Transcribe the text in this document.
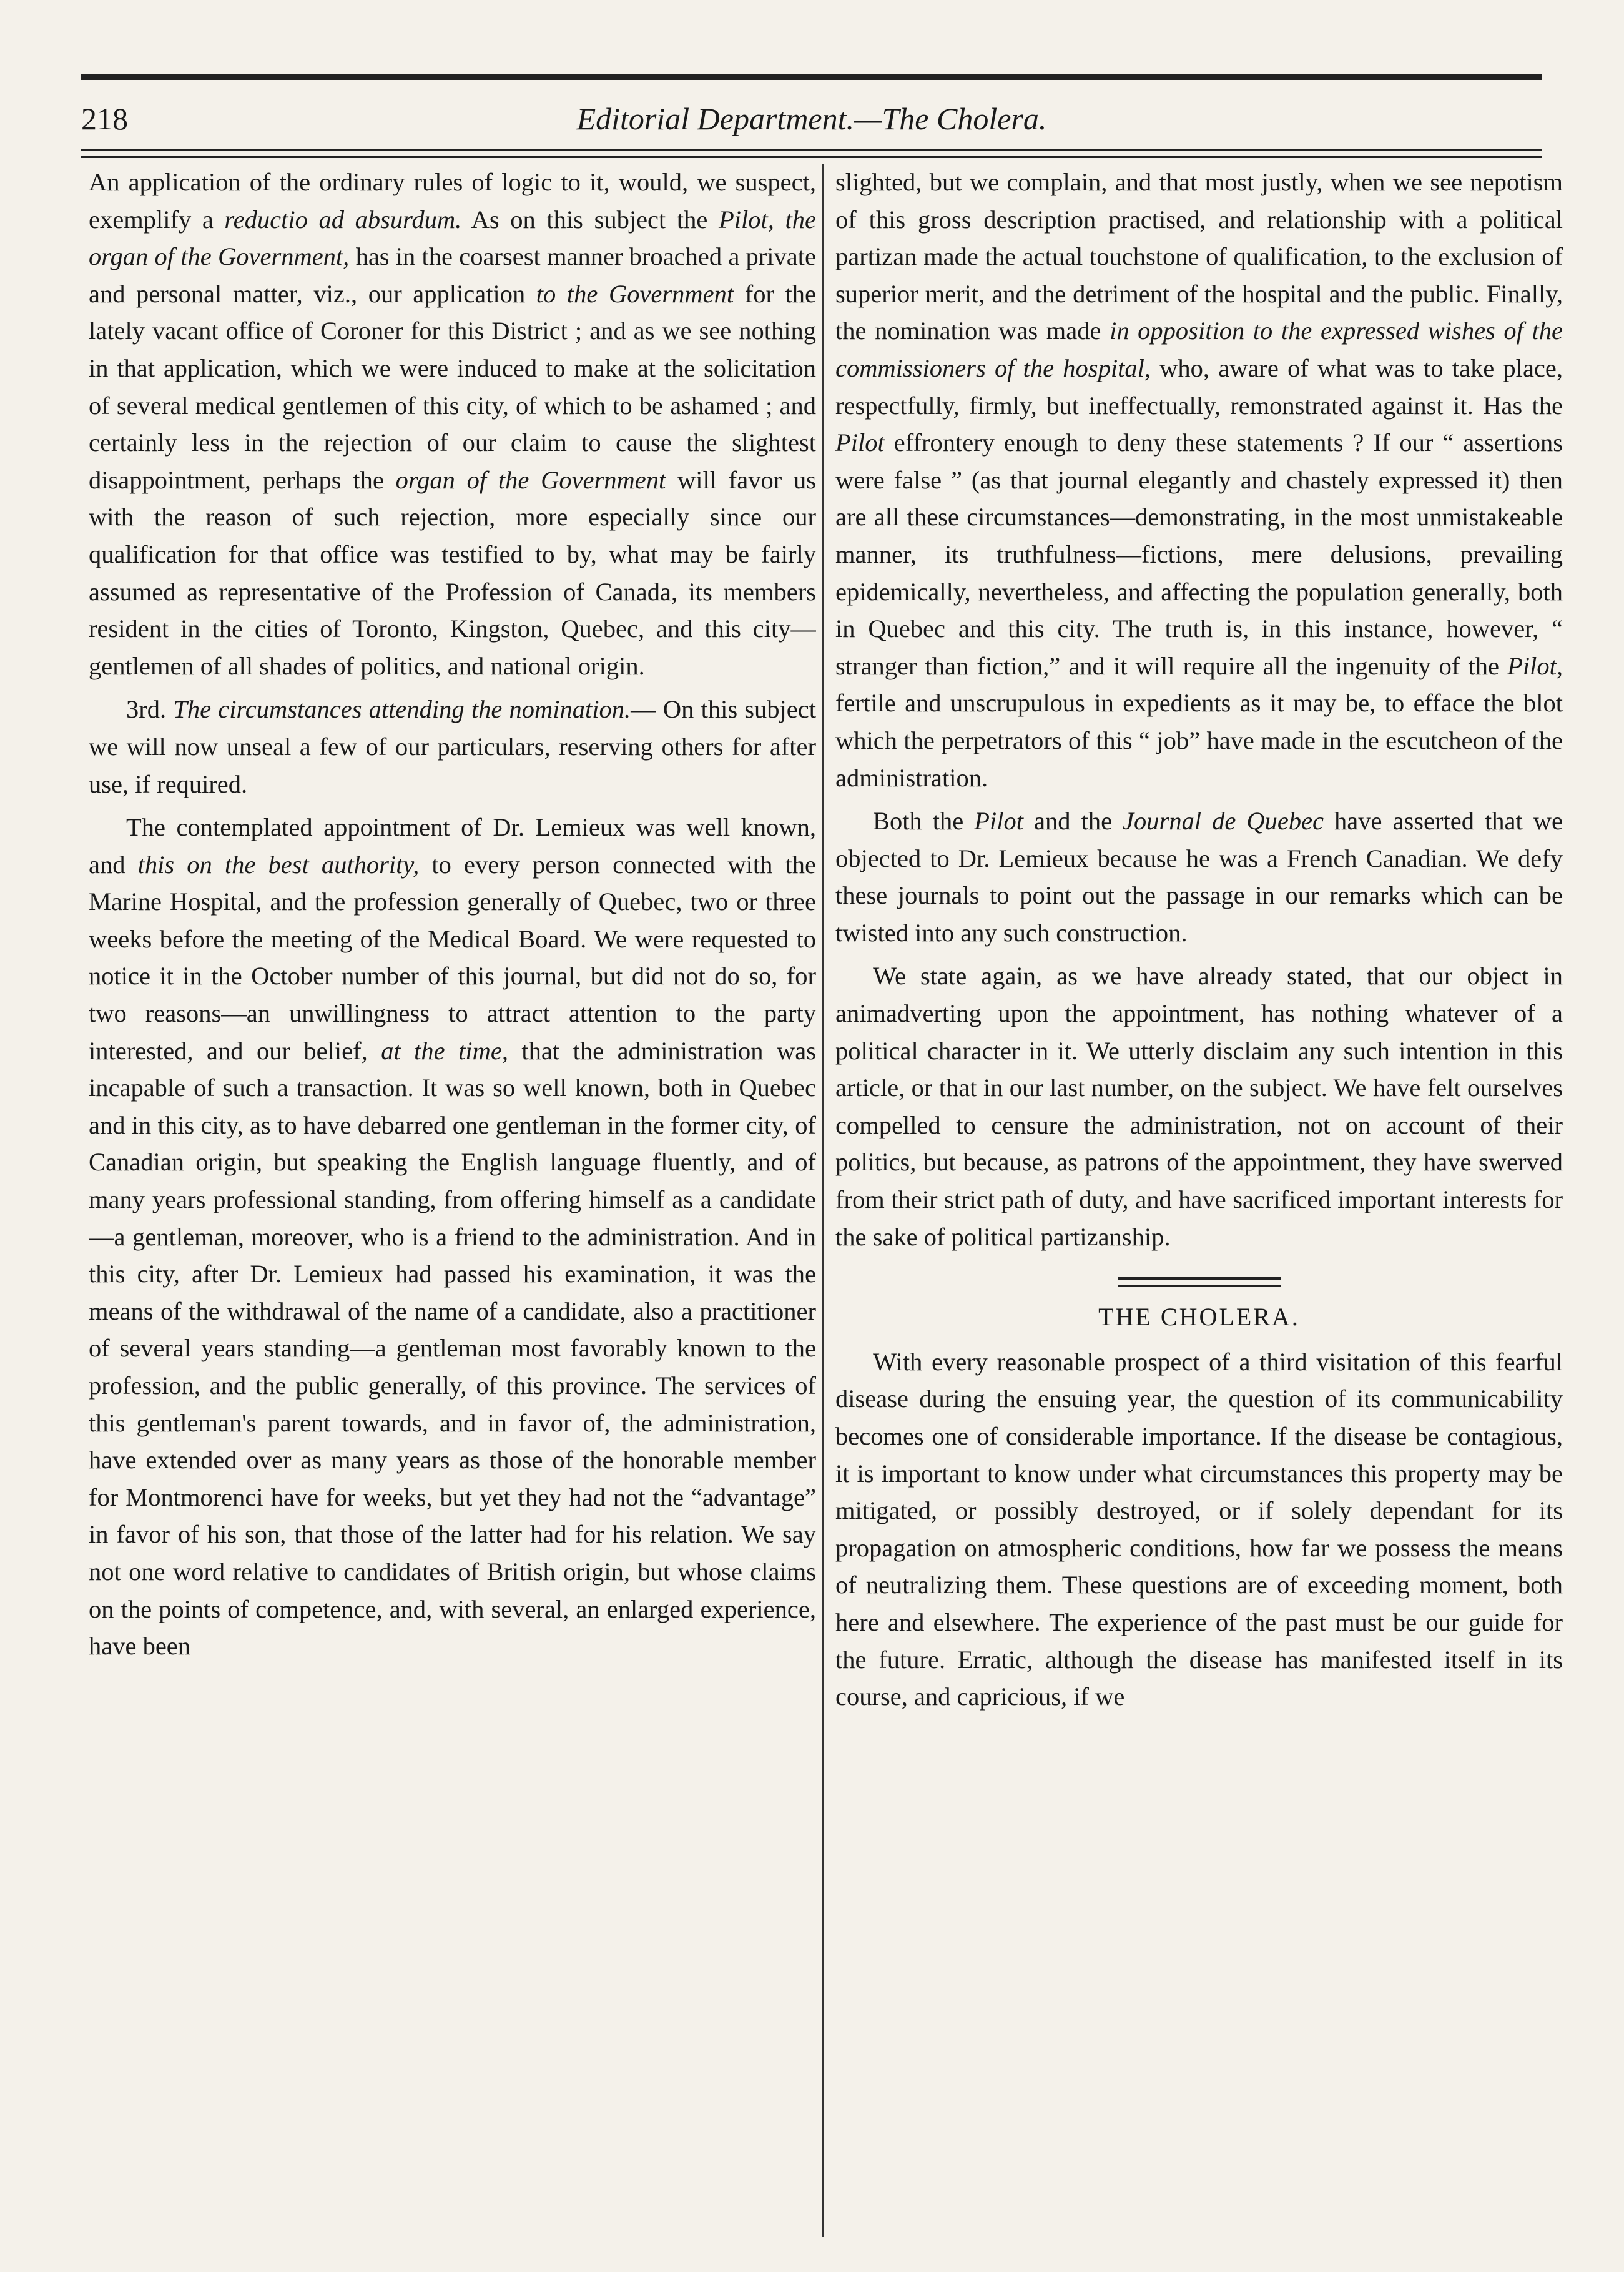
218	Editorial Department.—The Cholera.

An application of the ordinary rules of logic to it, would, we suspect, exemplify a reductio ad absurdum. As on this subject the Pilot, the organ of the Government, has in the coarsest manner broached a private and personal matter, viz., our application to the Government for the lately vacant office of Coroner for this District ; and as we see nothing in that application, which we were induced to make at the solicitation of several medical gentlemen of this city, of which to be ashamed ; and certainly less in the rejection of our claim to cause the slightest disappointment, perhaps the organ of the Government will favor us with the reason of such rejection, more especially since our qualification for that office was testified to by, what may be fairly assumed as representative of the Profession of Canada, its members resident in the cities of Toronto, Kingston, Quebec, and this city—gentlemen of all shades of politics, and national origin.

3rd. The circumstances attending the nomination.— On this subject we will now unseal a few of our particulars, reserving others for after use, if required.

The contemplated appointment of Dr. Lemieux was well known, and this on the best authority, to every person connected with the Marine Hospital, and the profession generally of Quebec, two or three weeks before the meeting of the Medical Board. We were requested to notice it in the October number of this journal, but did not do so, for two reasons—an unwillingness to attract attention to the party interested, and our belief, at the time, that the administration was incapable of such a transaction. It was so well known, both in Quebec and in this city, as to have debarred one gentleman in the former city, of Canadian origin, but speaking the English language fluently, and of many years professional standing, from offering himself as a candidate—a gentleman, moreover, who is a friend to the administration. And in this city, after Dr. Lemieux had passed his examination, it was the means of the withdrawal of the name of a candidate, also a practitioner of several years standing—a gentleman most favorably known to the profession, and the public generally, of this province. The services of this gentleman's parent towards, and in favor of, the administration, have extended over as many years as those of the honorable member for Montmorenci have for weeks, but yet they had not the “advantage” in favor of his son, that those of the latter had for his relation. We say not one word relative to candidates of British origin, but whose claims on the points of competence, and, with several, an enlarged experience, have been

slighted, but we complain, and that most justly, when we see nepotism of this gross description practised, and relationship with a political partizan made the actual touchstone of qualification, to the exclusion of superior merit, and the detriment of the hospital and the public. Finally, the nomination was made in opposition to the expressed wishes of the commissioners of the hospital, who, aware of what was to take place, respectfully, firmly, but ineffectually, remonstrated against it. Has the Pilot effrontery enough to deny these statements ? If our “ assertions were false ” (as that journal elegantly and chastely expressed it) then are all these circumstances—demonstrating, in the most unmistakeable manner, its truthfulness—fictions, mere delusions, prevailing epidemically, nevertheless, and affecting the population generally, both in Quebec and this city. The truth is, in this instance, however, “ stranger than fiction,” and it will require all the ingenuity of the Pilot, fertile and unscrupulous in expedients as it may be, to efface the blot which the perpetrators of this “ job” have made in the escutcheon of the administration.

Both the Pilot and the Journal de Quebec have asserted that we objected to Dr. Lemieux because he was a French Canadian. We defy these journals to point out the passage in our remarks which can be twisted into any such construction.

We state again, as we have already stated, that our object in animadverting upon the appointment, has nothing whatever of a political character in it. We utterly disclaim any such intention in this article, or that in our last number, on the subject. We have felt ourselves compelled to censure the administration, not on account of their politics, but because, as patrons of the appointment, they have swerved from their strict path of duty, and have sacrificed important interests for the sake of political partizanship.

THE CHOLERA.

With every reasonable prospect of a third visitation of this fearful disease during the ensuing year, the question of its communicability becomes one of considerable importance. If the disease be contagious, it is important to know under what circumstances this property may be mitigated, or possibly destroyed, or if solely dependant for its propagation on atmospheric conditions, how far we possess the means of neutralizing them. These questions are of exceeding moment, both here and elsewhere. The experience of the past must be our guide for the future. Erratic, although the disease has manifested itself in its course, and capricious, if we
